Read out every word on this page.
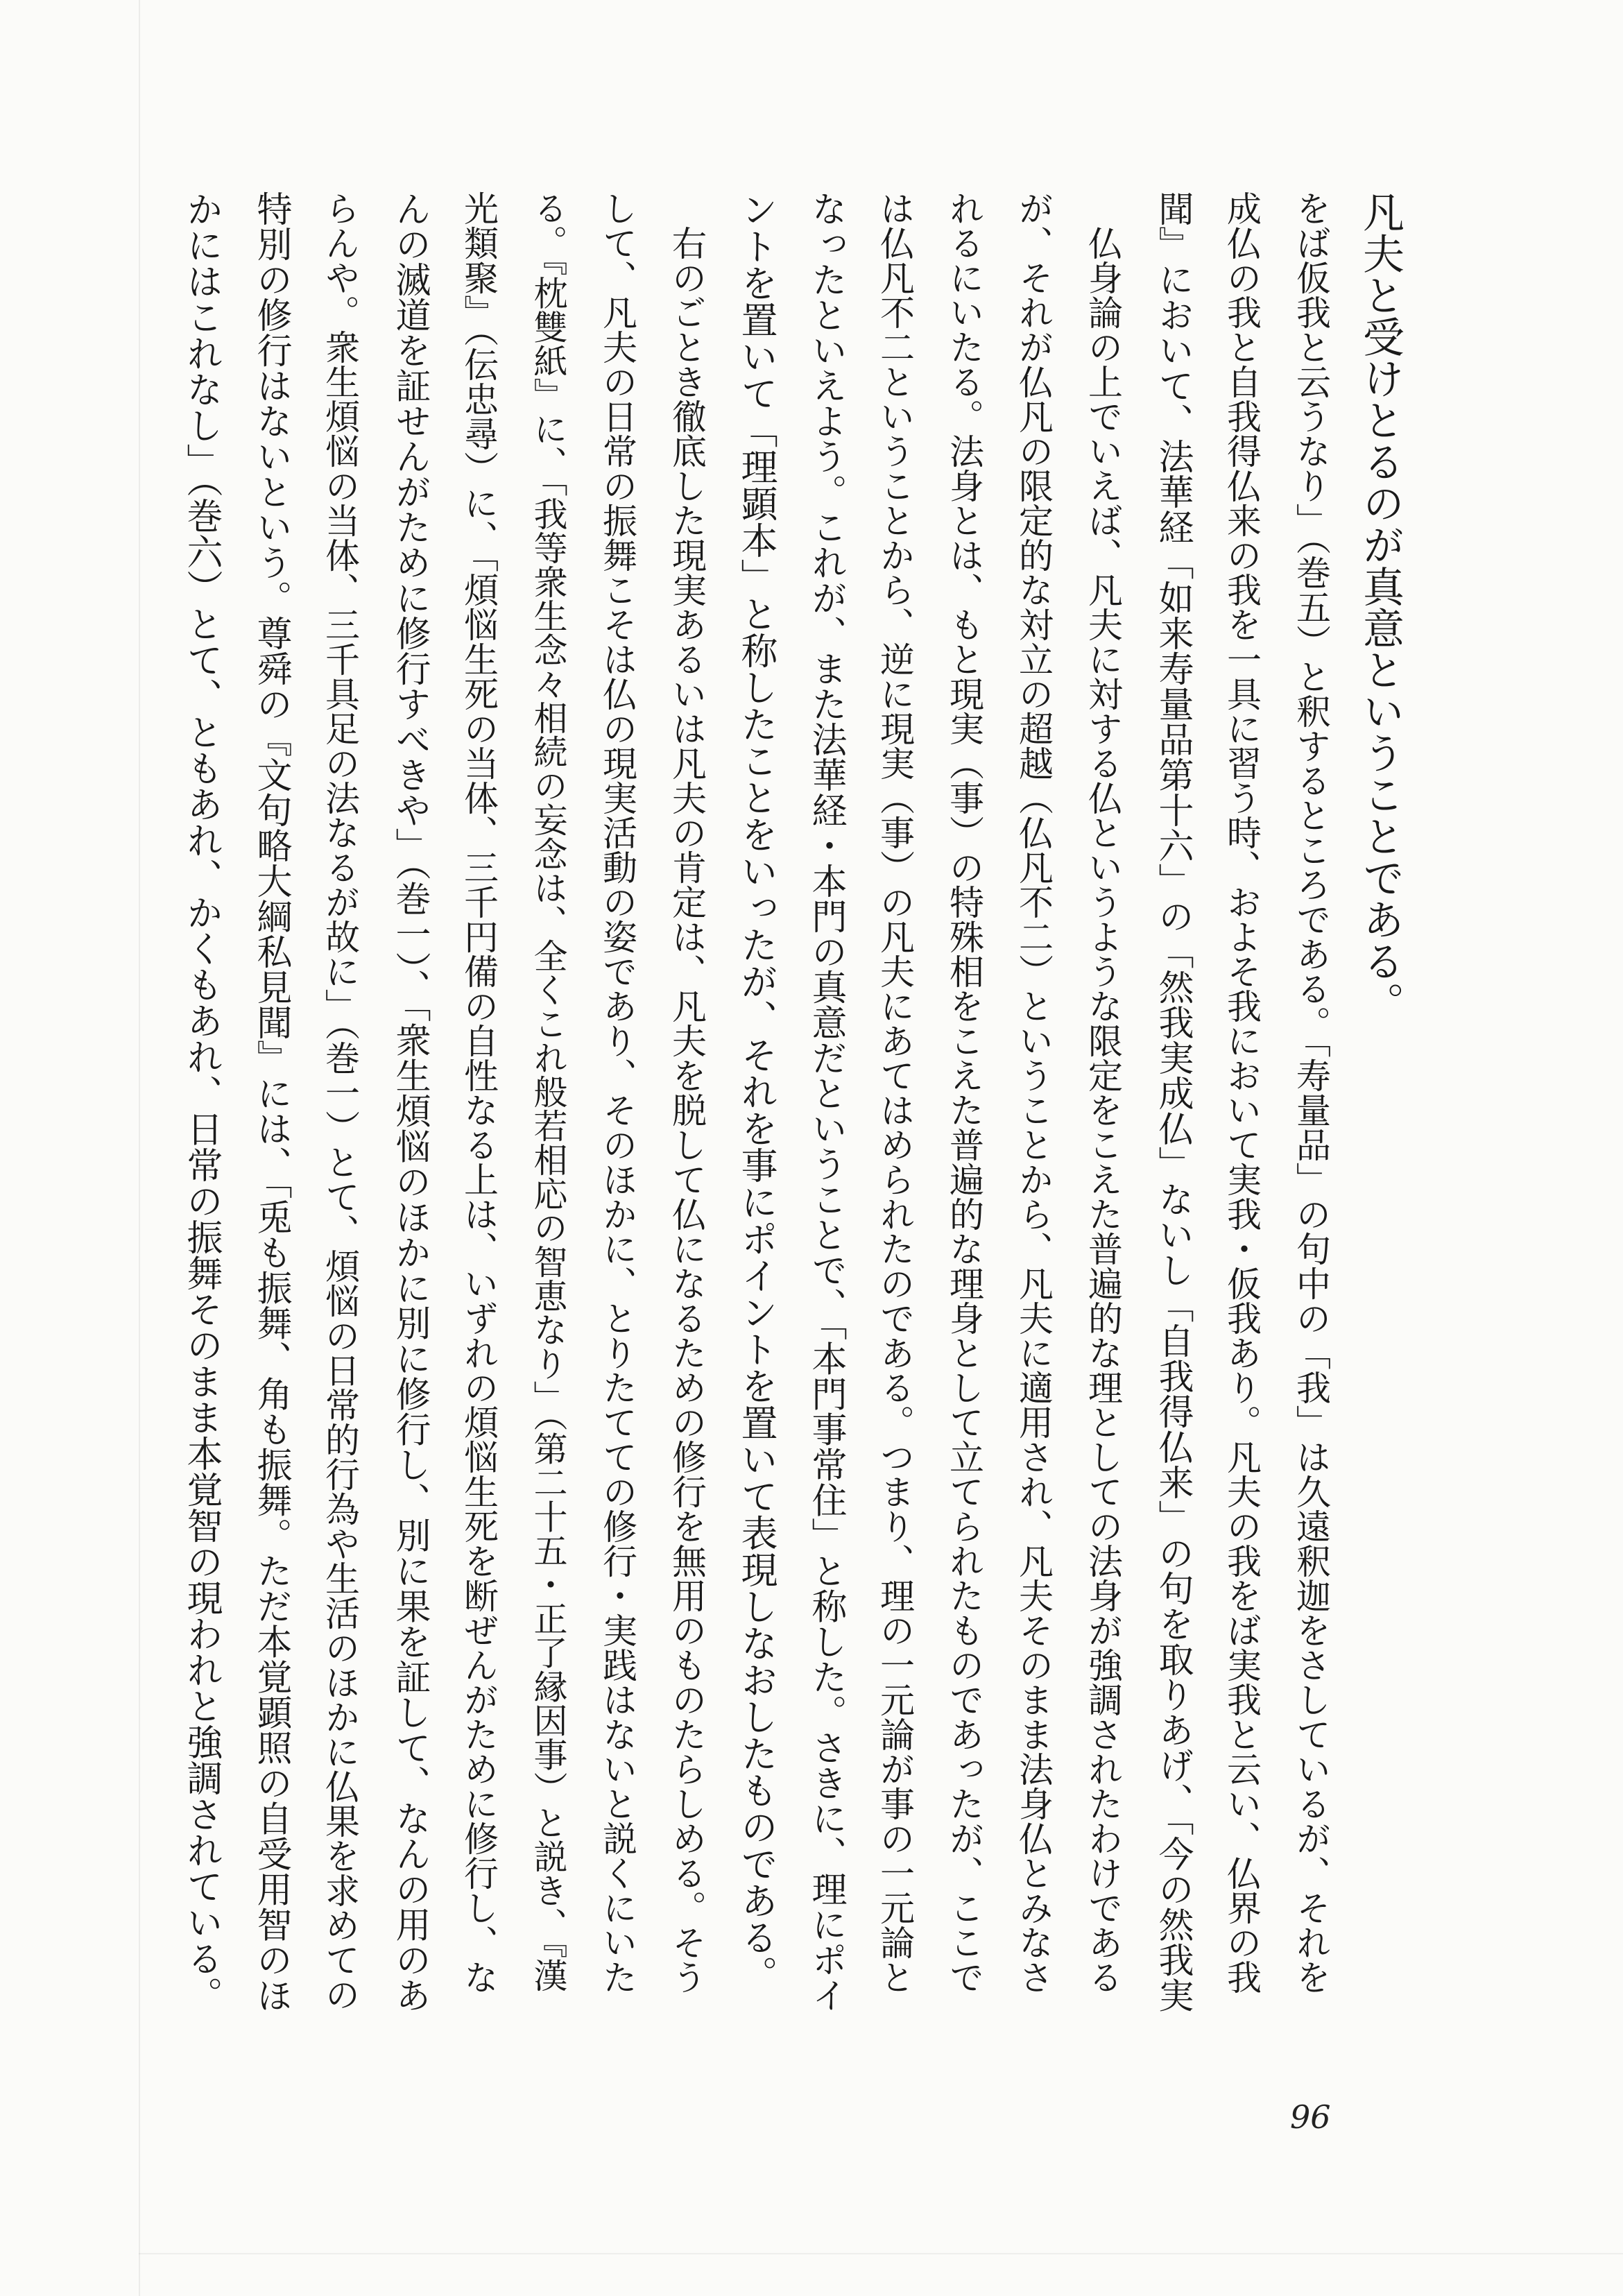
凡夫と受けとるのが真意ということである。
をば仮我と云うなり」（巻五）と釈するところである。「寿量品」の句中の「我」は久遠釈迦をさしているが、それを
成仏の我と自我得仏来の我を一具に習う時、およそ我において実我・仮我あり。凡夫の我をば実我と云い、仏界の我
聞』において、法華経「如来寿量品第十六」の「然我実成仏」ないし「自我得仏来」の句を取りあげ、「今の然我実
仏身論の上でいえば、凡夫に対する仏というような限定をこえた普遍的な理としての法身が強調されたわけである
が、それが仏凡の限定的な対立の超越（仏凡不二）ということから、凡夫に適用され、凡夫そのまま法身仏とみなさ
れるにいたる。法身とは、もと現実（事）の特殊相をこえた普遍的な理身として立てられたものであったが、ここで
は仏凡不二ということから、逆に現実（事）の凡夫にあてはめられたのである。つまり、理の一元論が事の一元論と
なったといえよう。これが、また法華経・本門の真意だということで、「本門事常住」と称した。さきに、理にポイ
ントを置いて「理顕本」と称したことをいったが、それを事にポイントを置いて表現しなおしたものである。
右のごとき徹底した現実あるいは凡夫の肯定は、凡夫を脱して仏になるための修行を無用のものたらしめる。そう
して、凡夫の日常の振舞こそは仏の現実活動の姿であり、そのほかに、とりたてての修行・実践はないと説くにいた
る。『枕雙紙』に、「我等衆生念々相続の妄念は、全くこれ般若相応の智恵なり」（第二十五・正了縁因事）と説き、『漢
光類聚』（伝忠尋）に、「煩悩生死の当体、三千円備の自性なる上は、いずれの煩悩生死を断ぜんがために修行し、な
んの滅道を証せんがために修行すべきや」（巻一）、「衆生煩悩のほかに別に修行し、別に果を証して、なんの用のあ
らんや。衆生煩悩の当体、三千具足の法なるが故に」（巻一）とて、煩悩の日常的行為や生活のほかに仏果を求めての
特別の修行はないという。尊舜の『文句略大綱私見聞』には、「兎も振舞、角も振舞。ただ本覚顕照の自受用智のほ
かにはこれなし」（巻六）とて、ともあれ、かくもあれ、日常の振舞そのまま本覚智の現われと強調されている。
96
